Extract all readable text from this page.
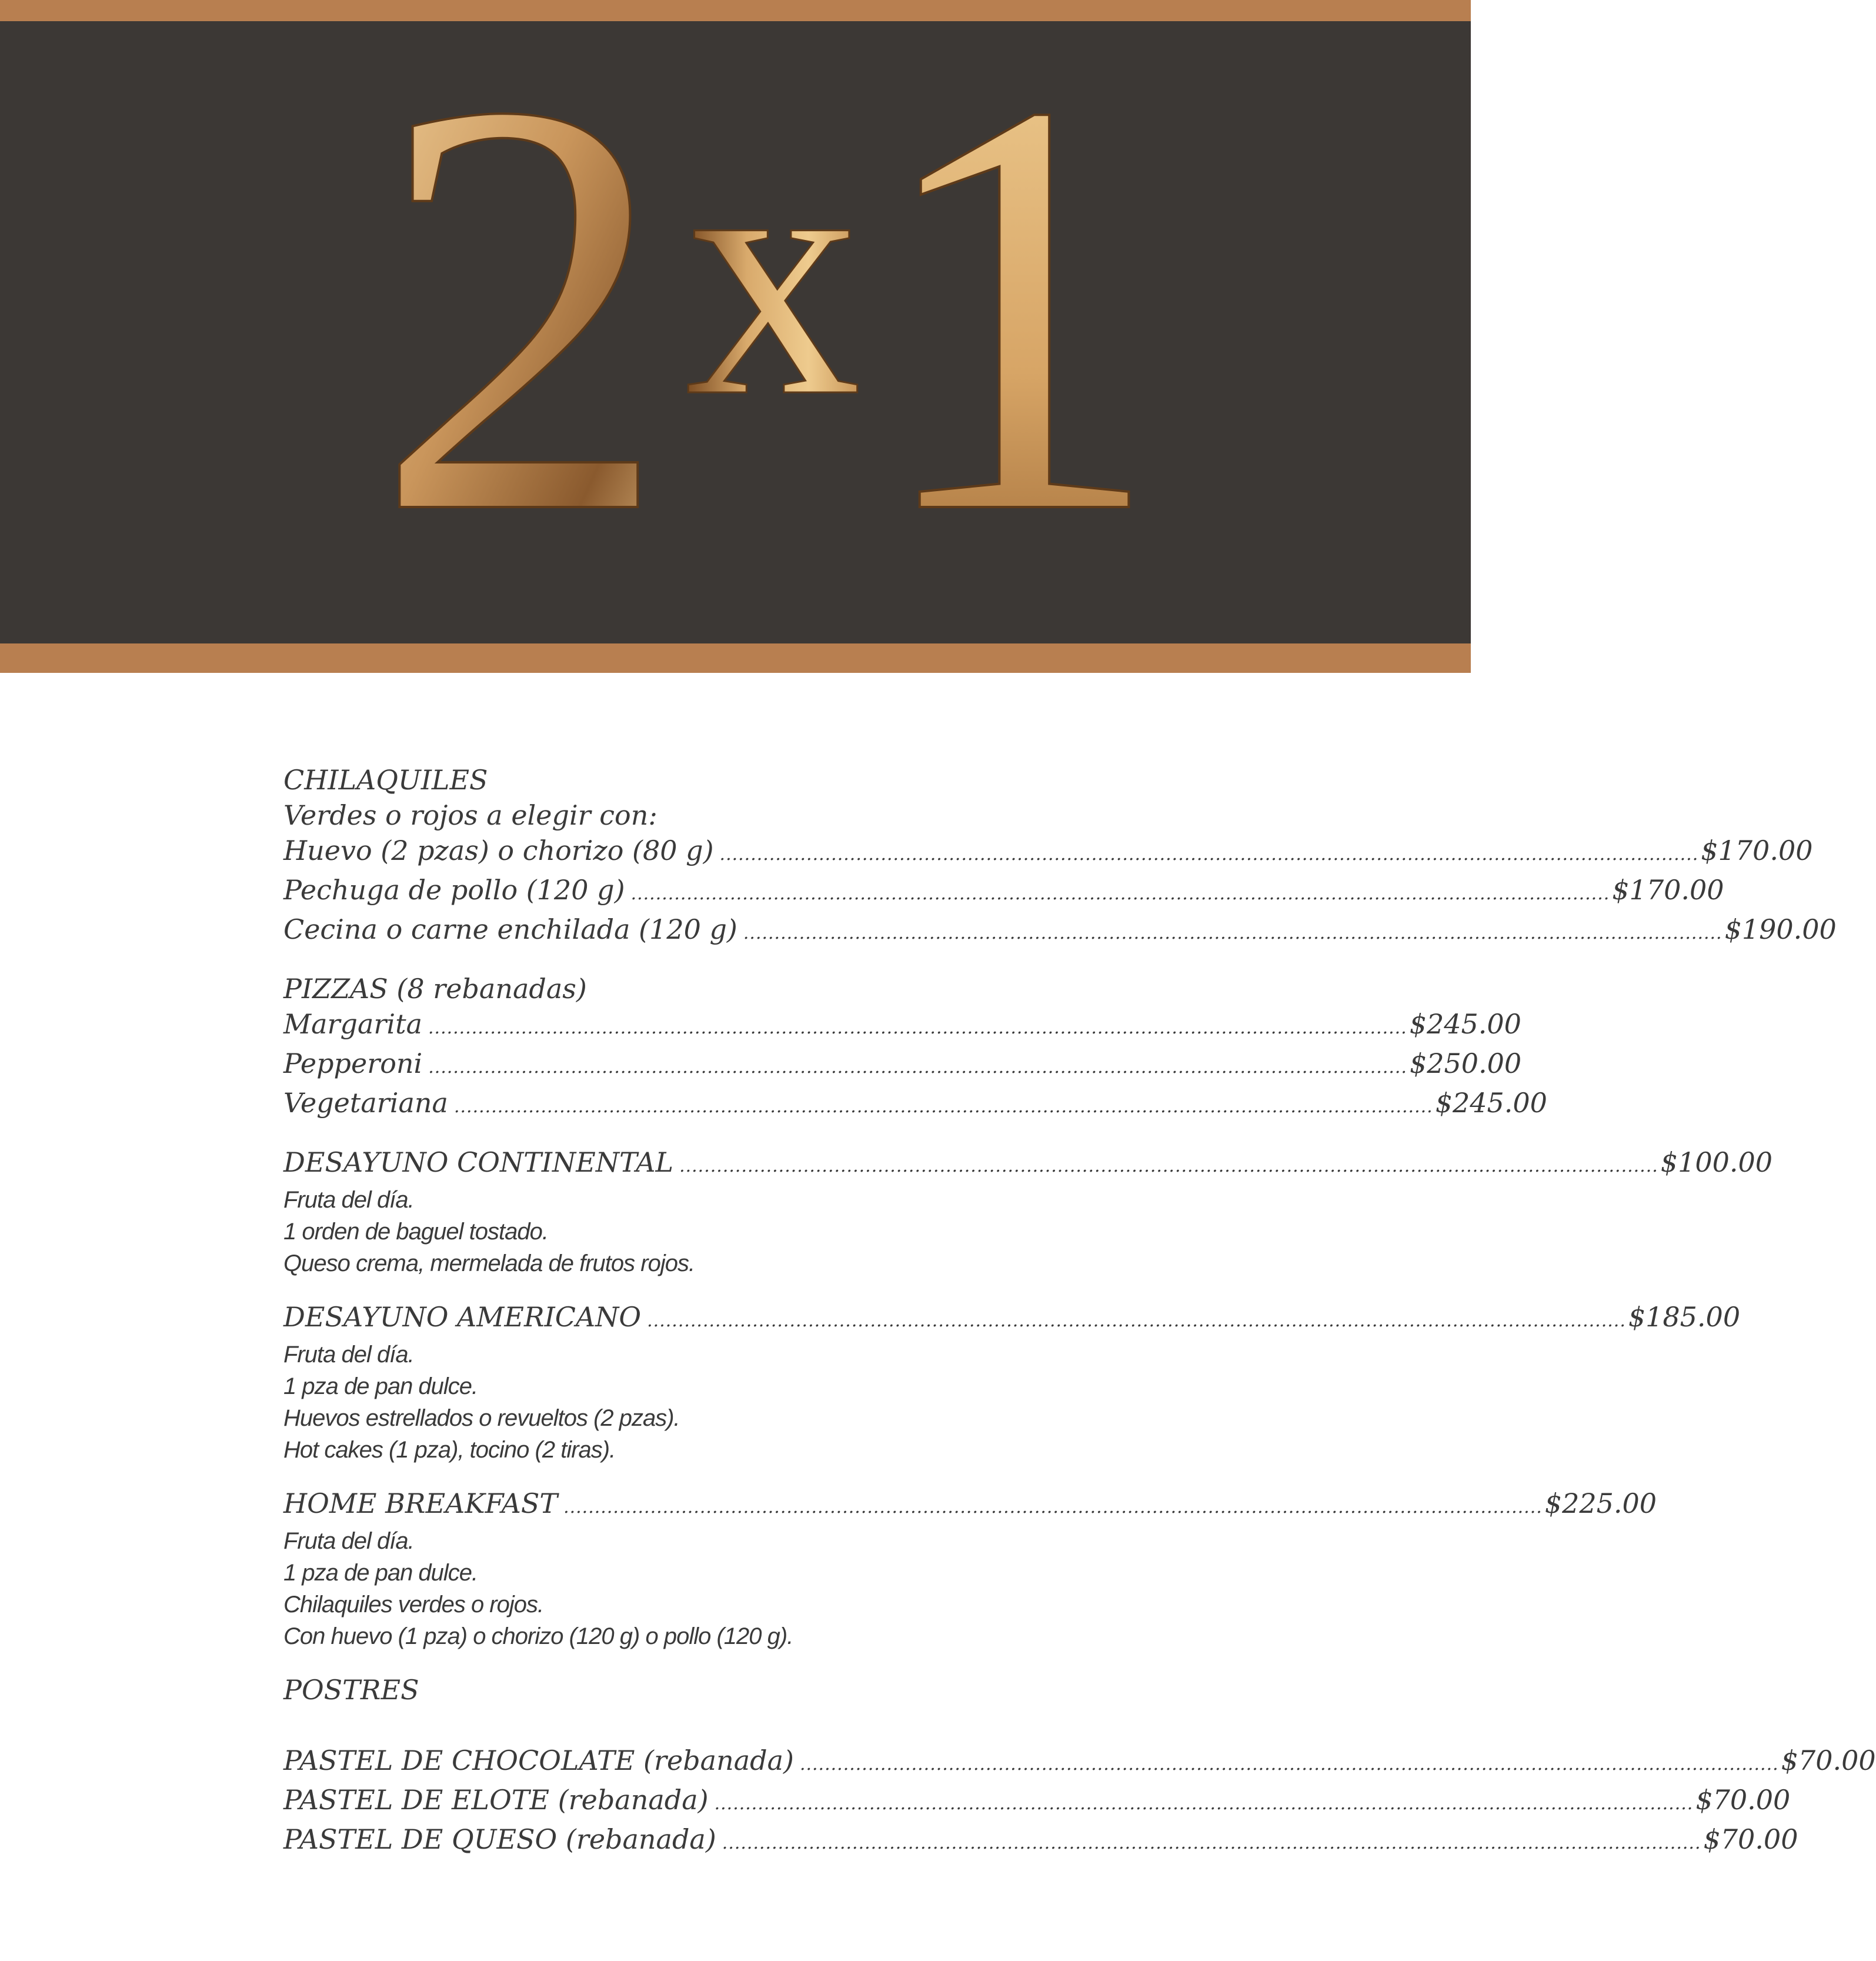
2 x 1
CHILAQUILES
Verdes o rojos a elegir con:
Huevo (2 pzas) o chorizo (80 g) .............................................................................................................................................................. $170.00
Pechuga de pollo (120 g) .............................................................................................................................................................. $170.00
Cecina o carne enchilada (120 g) .............................................................................................................................................................. $190.00
PIZZAS (8 rebanadas)
Margarita .............................................................................................................................................................. $245.00
Pepperoni .............................................................................................................................................................. $250.00
Vegetariana .............................................................................................................................................................. $245.00
DESAYUNO CONTINENTAL .............................................................................................................................................................. $100.00
Fruta del día.
1 orden de baguel tostado.
Queso crema, mermelada de frutos rojos.
DESAYUNO AMERICANO .............................................................................................................................................................. $185.00
Fruta del día.
1 pza de pan dulce.
Huevos estrellados o revueltos (2 pzas).
Hot cakes (1 pza), tocino (2 tiras).
HOME BREAKFAST .............................................................................................................................................................. $225.00
Fruta del día.
1 pza de pan dulce.
Chilaquiles verdes o rojos.
Con huevo (1 pza) o chorizo (120 g) o pollo (120 g).
POSTRES
PASTEL DE CHOCOLATE (rebanada) .............................................................................................................................................................. $70.00
PASTEL DE ELOTE (rebanada) .............................................................................................................................................................. $70.00
PASTEL DE QUESO (rebanada) .............................................................................................................................................................. $70.00
